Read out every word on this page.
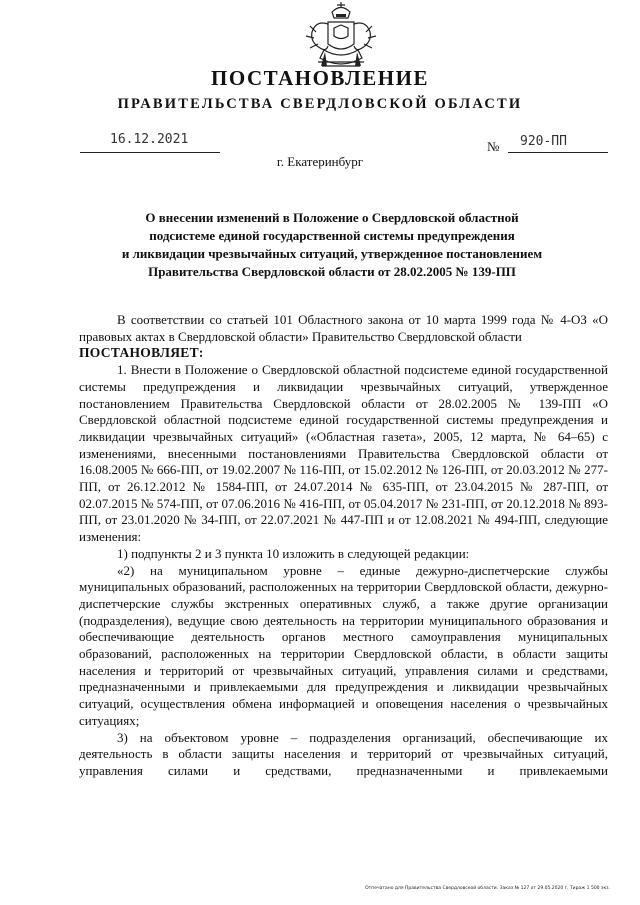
ПОСТАНОВЛЕНИЕ
ПРАВИТЕЛЬСТВА СВЕРДЛОВСКОЙ ОБЛАСТИ
16.12.2021	№ 920-ПП
г. Екатеринбург
О внесении изменений в Положение о Свердловской областной
подсистеме единой государственной системы предупреждения
и ликвидации чрезвычайных ситуаций, утвержденное постановлением
Правительства Свердловской области от 28.02.2005 № 139-ПП

В соответствии со статьей 101 Областного закона от 10 марта 1999 года № 4-ОЗ «О правовых актах в Свердловской области» Правительство Свердловской области

ПОСТАНОВЛЯЕТ:

1. Внести в Положение о Свердловской областной подсистеме единой государственной системы предупреждения и ликвидации чрезвычайных ситуаций, утвержденное постановлением Правительства Свердловской области от 28.02.2005 № 139-ПП «О Свердловской областной подсистеме единой государственной системы предупреждения и ликвидации чрезвычайных ситуаций» («Областная газета», 2005, 12 марта, № 64–65) с изменениями, внесенными постановлениями Правительства Свердловской области от 16.08.2005 № 666-ПП, от 19.02.2007 № 116-ПП, от 15.02.2012 № 126-ПП, от 20.03.2012 № 277-ПП, от 26.12.2012 № 1584-ПП, от 24.07.2014 № 635-ПП, от 23.04.2015 № 287-ПП, от 02.07.2015 № 574-ПП, от 07.06.2016 № 416-ПП, от 05.04.2017 № 231-ПП, от 20.12.2018 № 893-ПП, от 23.01.2020 № 34-ПП, от 22.07.2021 № 447-ПП и от 12.08.2021 № 494-ПП, следующие изменения:

1) подпункты 2 и 3 пункта 10 изложить в следующей редакции:

«2) на муниципальном уровне – единые дежурно-диспетчерские службы муниципальных образований, расположенных на территории Свердловской области, дежурно-диспетчерские службы экстренных оперативных служб, а также другие организации (подразделения), ведущие свою деятельность на территории муниципального образования и обеспечивающие деятельность органов местного самоуправления муниципальных образований, расположенных на территории Свердловской области, в области защиты населения и территорий от чрезвычайных ситуаций, управления силами и средствами, предназначенными и привлекаемыми для предупреждения и ликвидации чрезвычайных ситуаций, осуществления обмена информацией и оповещения населения о чрезвычайных ситуациях;

3) на объектовом уровне – подразделения организаций, обеспечивающие их деятельность в области защиты населения и территорий от чрезвычайных ситуаций, управления силами и средствами, предназначенными и привлекаемыми

Отпечатано для Правительства Свердловской области. Заказ № 127 от 29.05.2020 г. Тираж 1 500 экз.
